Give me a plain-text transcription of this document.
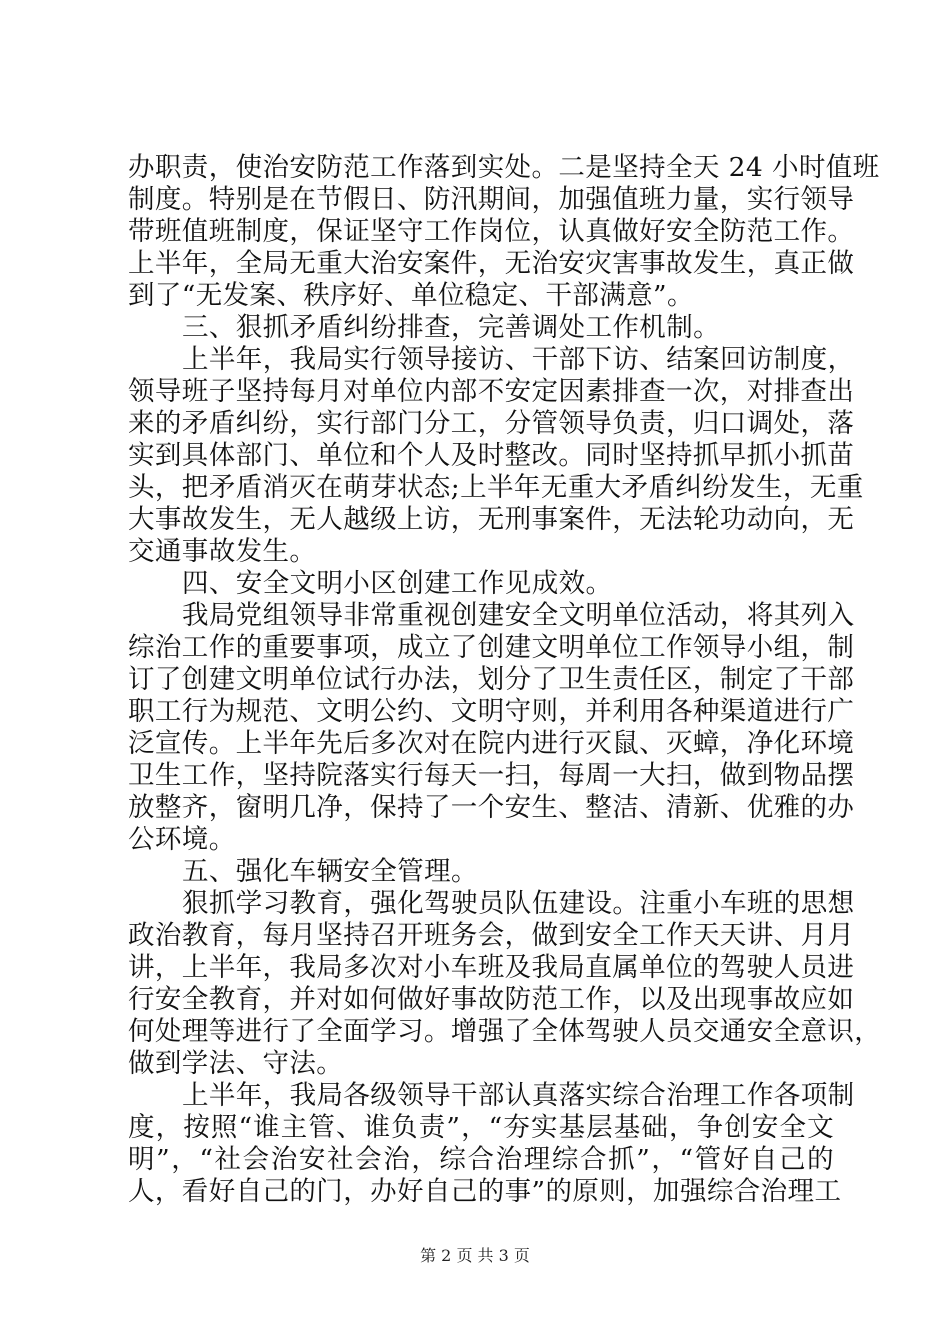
办职责，使治安防范工作落到实处。二是坚持全天 24 小时值班
制度。特别是在节假日、防汛期间，加强值班力量，实行领导
带班值班制度，保证坚守工作岗位，认真做好安全防范工作。
上半年，全局无重大治安案件，无治安灾害事故发生，真正做
到了“无发案、秩序好、单位稳定、干部满意”。
三、狠抓矛盾纠纷排查，完善调处工作机制。
上半年，我局实行领导接访、干部下访、结案回访制度，
领导班子坚持每月对单位内部不安定因素排查一次，对排查出
来的矛盾纠纷，实行部门分工，分管领导负责，归口调处，落
实到具体部门、单位和个人及时整改。同时坚持抓早抓小抓苗
头，把矛盾消灭在萌芽状态;上半年无重大矛盾纠纷发生，无重
大事故发生，无人越级上访，无刑事案件，无法轮功动向，无
交通事故发生。
四、安全文明小区创建工作见成效。
我局党组领导非常重视创建安全文明单位活动，将其列入
综治工作的重要事项，成立了创建文明单位工作领导小组，制
订了创建文明单位试行办法，划分了卫生责任区，制定了干部
职工行为规范、文明公约、文明守则，并利用各种渠道进行广
泛宣传。上半年先后多次对在院内进行灭鼠、灭蟑，净化环境
卫生工作，坚持院落实行每天一扫，每周一大扫，做到物品摆
放整齐，窗明几净，保持了一个安生、整洁、清新、优雅的办
公环境。
五、强化车辆安全管理。
狠抓学习教育，强化驾驶员队伍建设。注重小车班的思想
政治教育，每月坚持召开班务会，做到安全工作天天讲、月月
讲，上半年，我局多次对小车班及我局直属单位的驾驶人员进
行安全教育，并对如何做好事故防范工作，以及出现事故应如
何处理等进行了全面学习。增强了全体驾驶人员交通安全意识，
做到学法、守法。
上半年，我局各级领导干部认真落实综合治理工作各项制
度，按照“谁主管、谁负责”，“夯实基层基础，争创安全文
明”，“社会治安社会治，综合治理综合抓”，“管好自己的
人，看好自己的门，办好自己的事”的原则，加强综合治理工
第 2 页 共 3 页
